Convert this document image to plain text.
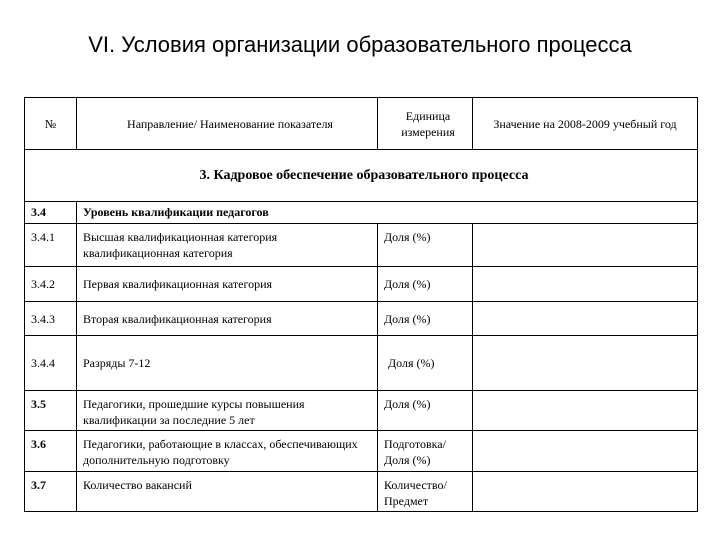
VI. Условия организации образовательного процесса
№	Направление/ Наименование показателя	Единица измерения	Значение на 2008-2009 учебный год
3. Кадровое обеспечение образовательного процесса			
3.4	Уровень квалификации педагогов		
3.4.1	Высшая квалификационная категория квалификационная категория	Доля (%)	
3.4.2	Первая квалификационная категория	Доля (%)	
3.4.3	Вторая квалификационная категория	Доля (%)	
3.4.4	Разряды 7-12	Доля (%)	
3.5	Педагогики, прошедшие курсы повышения квалификации за последние 5 лет	Доля (%)	
3.6	Педагогики, работающие в классах, обеспечивающих дополнительную подготовку	Подготовка/ Доля (%)	
3.7	Количество вакансий	Количество/ Предмет	
